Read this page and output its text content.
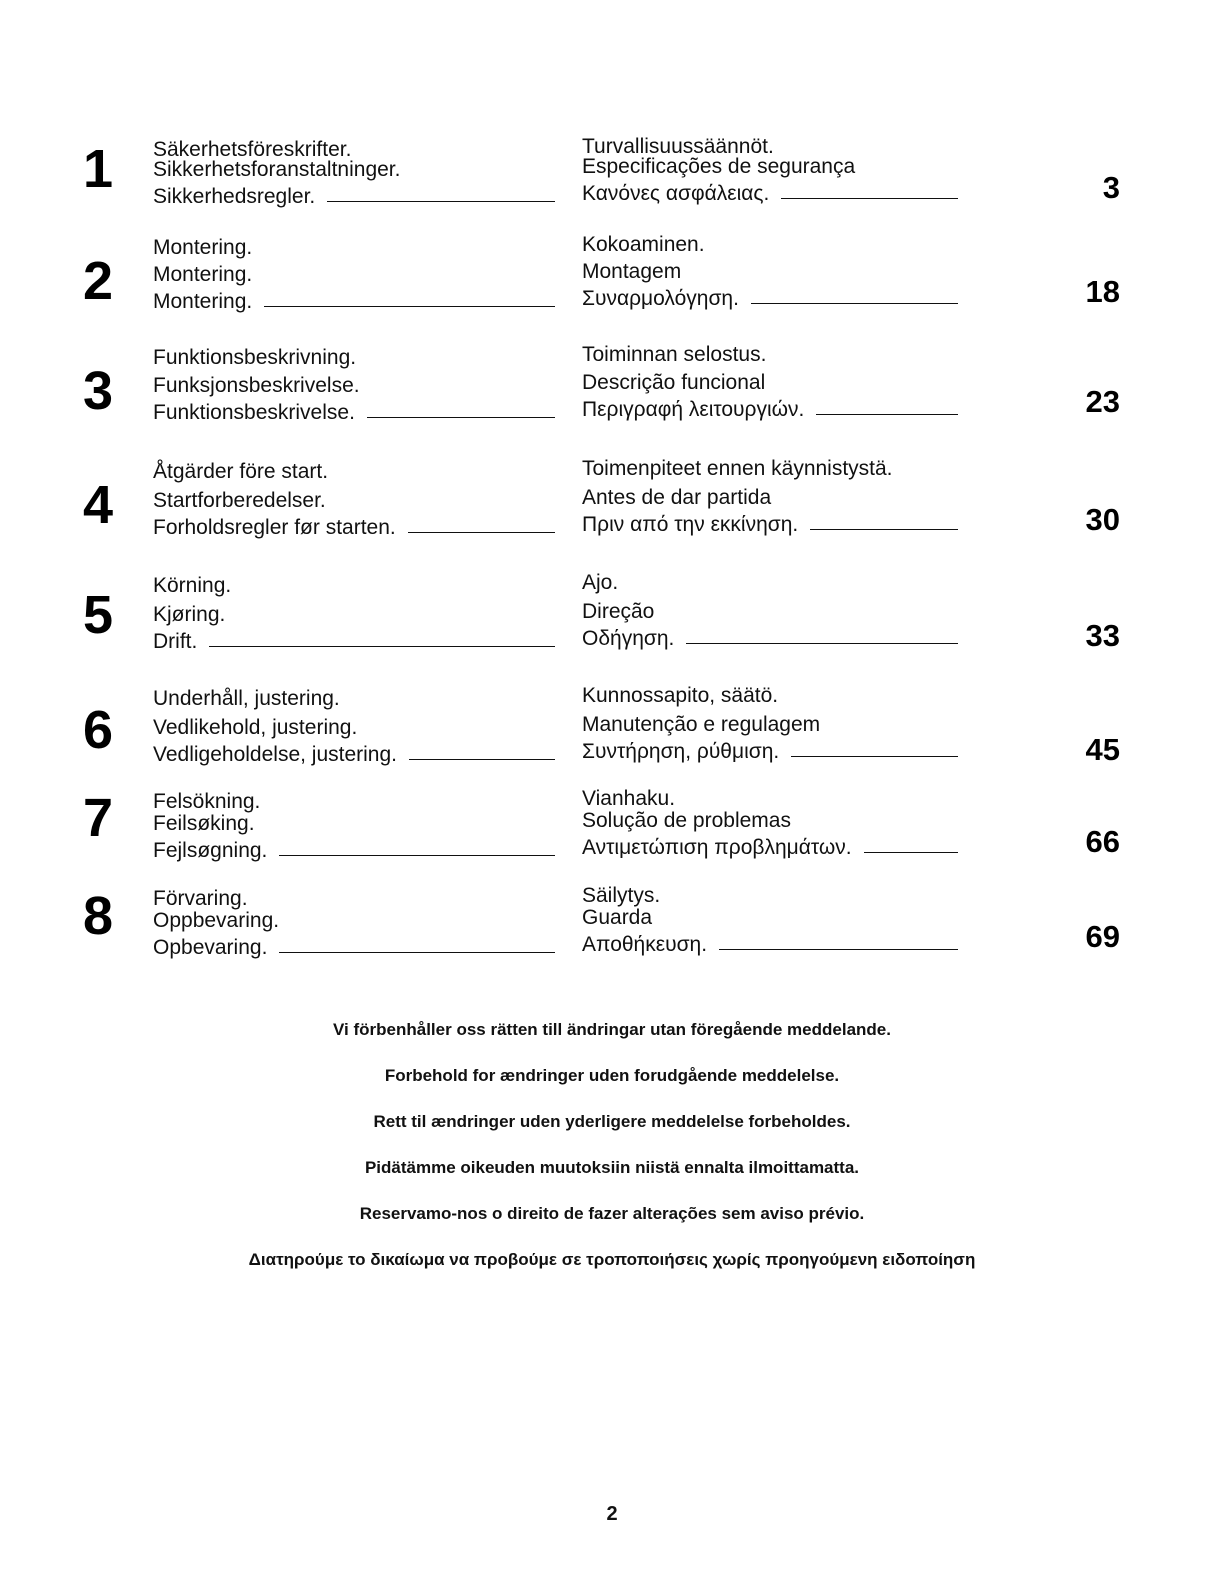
1	Säkerhetsföreskrifter.
Sikkerhetsforanstaltninger.
Sikkerhedsregler.
Turvallisuussäännöt.
Especificações de segurança
Κανόνες ασφάλειας.	3
2
Montering.
Montering.
Montering.
Kokoaminen.
Montagem
Συναρμολόγηση.	18
3
Funktionsbeskrivning.
Funksjonsbeskrivelse.
Funktionsbeskrivelse.
Toiminnan selostus.
Descrição funcional
Περιγραφή λειτουργιών.	23
4
Åtgärder före start.
Startforberedelser.
Forholdsregler før starten.
Toimenpiteet ennen käynnistystä.
Antes de dar partida
Πριν από την εκκίνηση.	30
5	Körning.
Kjøring.
Drift.
Ajo.
Direção
Οδήγηση.	33
6
Underhåll, justering.
Vedlikehold, justering.
Vedligeholdelse, justering.
Kunnossapito, säätö.
Manutenção e regulagem
Συντήρηση, ρύθμιση.	45
7	Felsökning.
Feilsøking.
Fejlsøgning.
Vianhaku.
Solução de problemas
Αντιμετώπιση προβλημάτων.	66
8	Förvaring.
Oppbevaring.
Opbevaring.
Säilytys.
Guarda
Αποθήκευση.	69
Vi förbenhåller oss rätten till ändringar utan föregående meddelande.
Forbehold for ændringer uden forudgående meddelelse.
Rett til ændringer uden yderligere meddelelse forbeholdes.
Pidätämme oikeuden muutoksiin niistä ennalta ilmoittamatta.
Reservamo-nos o direito de fazer alterações sem aviso prévio.
Διατηρούμε το δικαίωμα να προβούμε σε τροποποιήσεις χωρίς προηγούμενη ειδοποίηση
2
